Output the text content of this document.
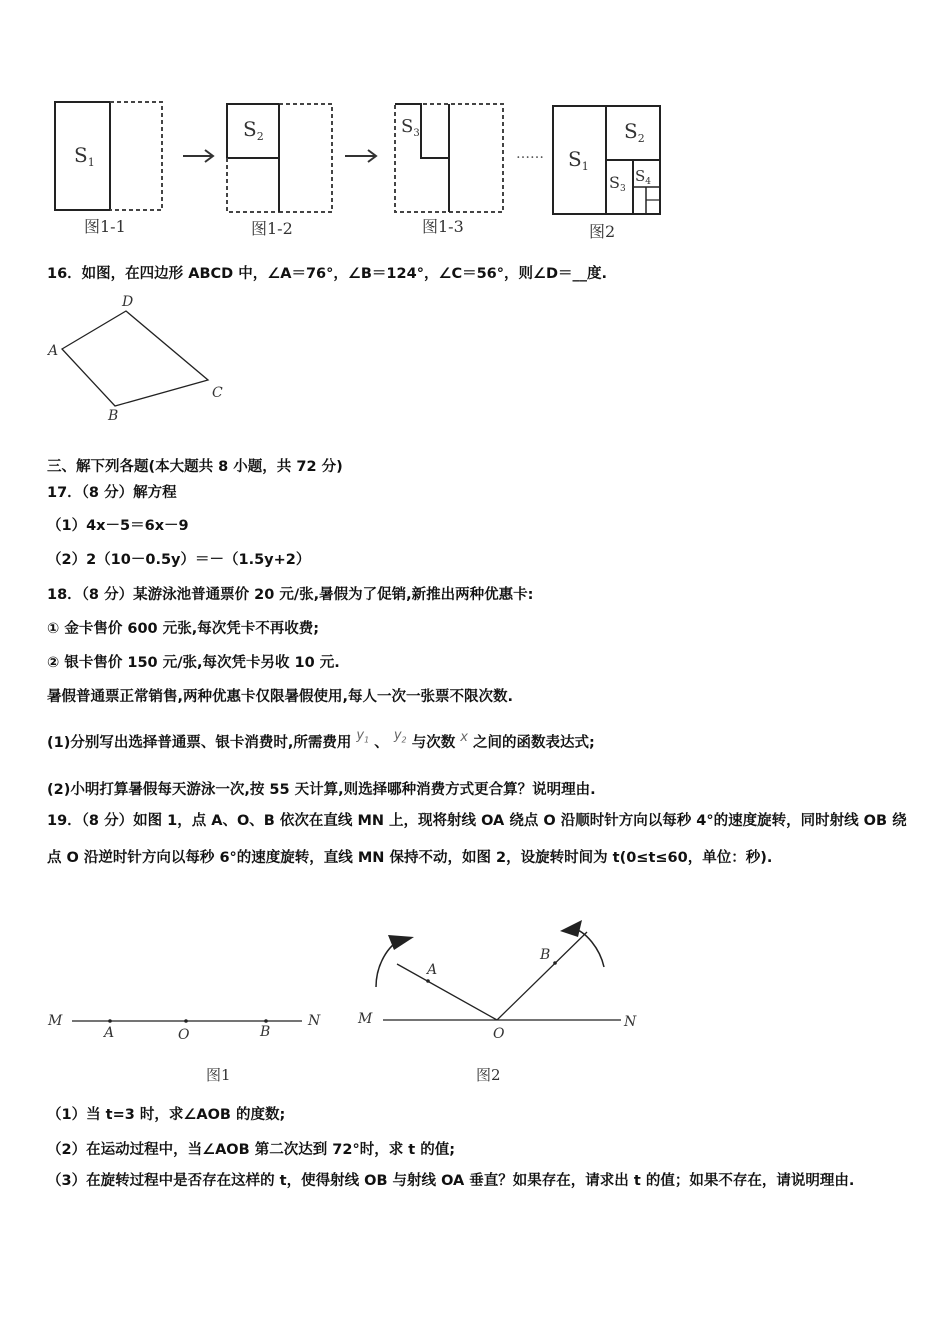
$S_1$
$S_2$	$S_3$
…… $S_1$
$S_2$
S3
$S_4$
图1-1	图1-2	图1-3	图2
16．如图，在四边形 ABCD 中，∠A＝76°，∠B＝124°，∠C＝56°，则∠D＝__度.
D
A
C
B
三、解下列各题(本大题共 8 小题，共 72 分)
17．（8 分）解方程
（1）4x－5＝6x－9
（2）2（10－0.5y）＝－（1.5y+2）
18．（8 分）某游泳池普通票价 20 元/张,暑假为了促销,新推出两种优惠卡:
① 金卡售价 600 元张,每次凭卡不再收费;
② 银卡售价 150 元/张,每次凭卡另收 10 元.
暑假普通票正常销售,两种优惠卡仅限暑假使用,每人一次一张票不限次数.
(1)分别写出选择普通票、银卡消费时,所需费用 $y_1$ 、 $y_2$ 与次数 x 之间的函数表达式;
(2)小明打算暑假每天游泳一次,按 55 天计算,则选择哪种消费方式更合算？说明理由.
19．（8 分）如图 1，点 A、O、B 依次在直线 MN 上，现将射线 OA 绕点 O 沿顺时针方向以每秒 4°的速度旋转，同时射线 OB 绕点 O 沿逆时针方向以每秒 6°的速度旋转，直线 MN 保持不动，如图 2，设旋转时间为 t(0≤t≤60，单位：秒).
M
A	O	B
N
图1
M
O
N
A
B
图2
（1）当 t=3 时，求∠AOB 的度数;
（2）在运动过程中，当∠AOB 第二次达到 72°时，求 t 的值;
（3）在旋转过程中是否存在这样的 t，使得射线 OB 与射线 OA 垂直？如果存在，请求出 t 的值；如果不存在，请说明理由.
